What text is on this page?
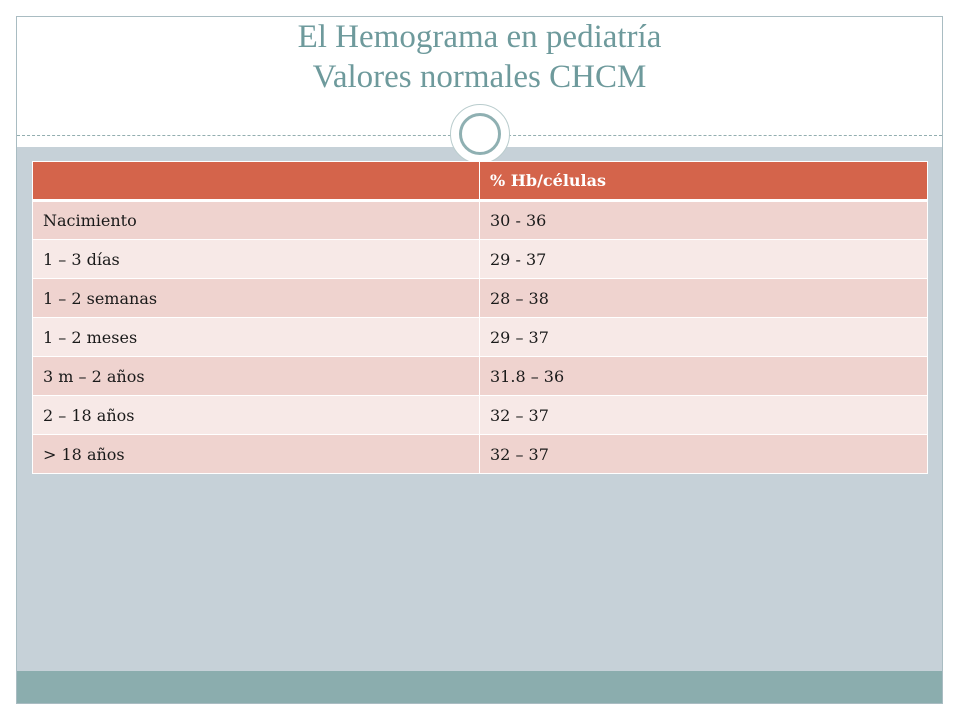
El Hemograma en pediatría
Valores normales CHCM
	% Hb/células
Nacimiento	30 - 36
1 – 3 días	29 - 37
1 – 2 semanas	28 – 38
1 – 2 meses	29 – 37
3 m – 2 años	31.8 – 36
2 – 18 años	32 – 37
> 18 años	32 – 37
